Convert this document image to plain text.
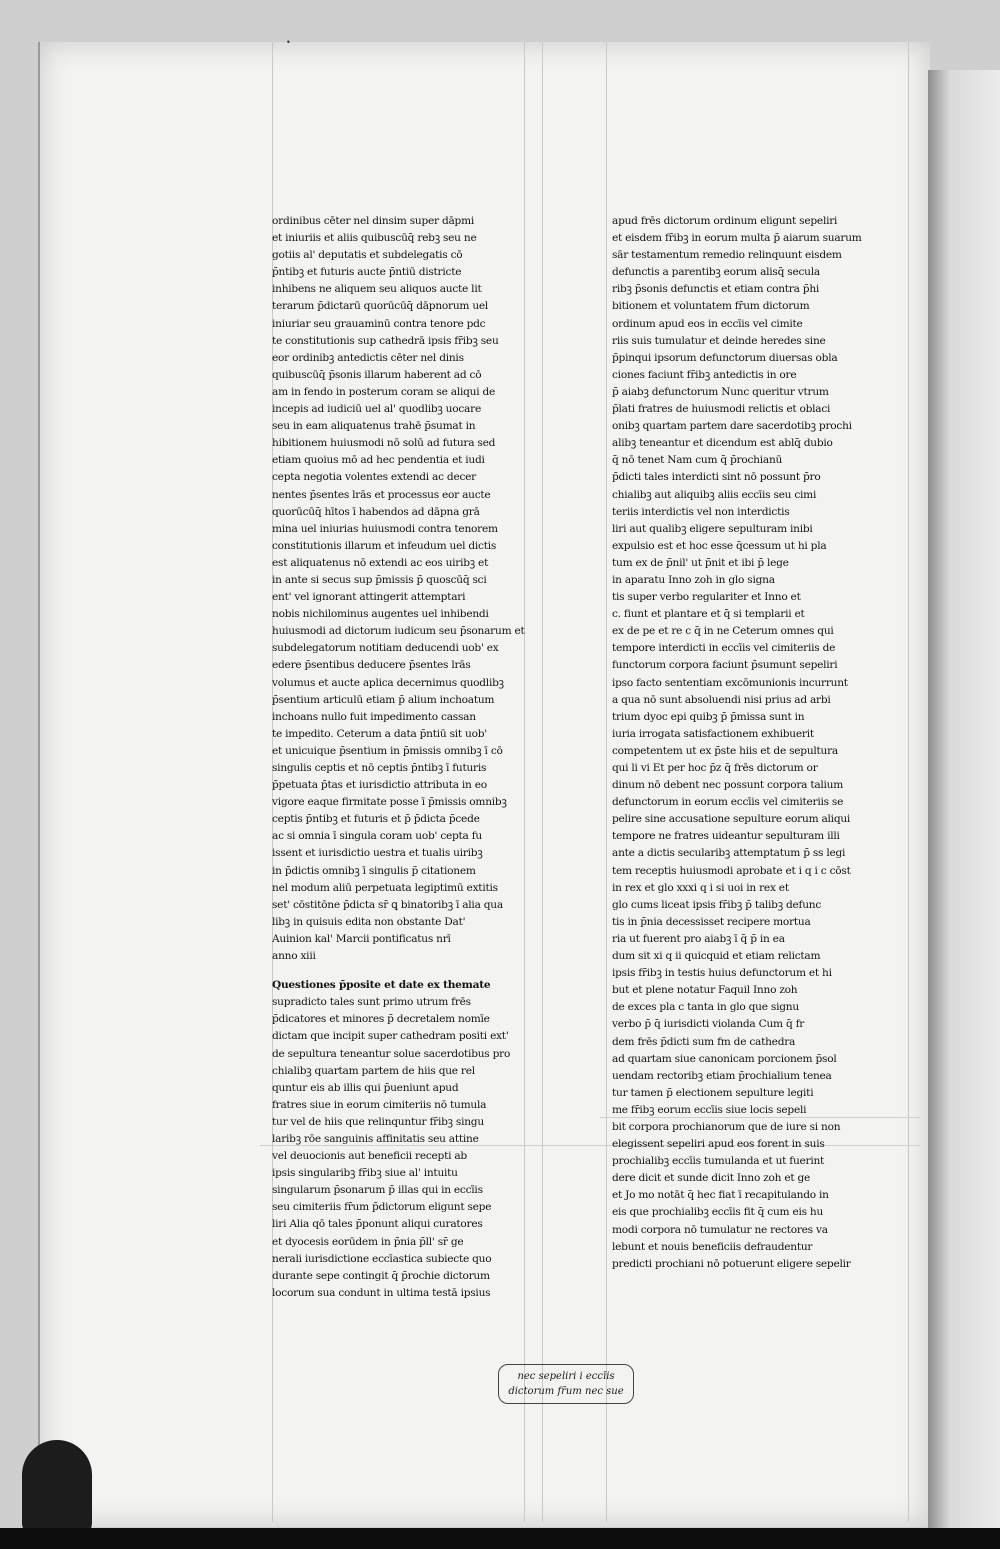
•
ordinibus cēter nel dinsim super dāpmi
et iniuriis et aliis quibuscūq̄ rebꝫ seu ne
gotiis al' deputatis et subdelegatis cō
p̄ntibꝫ et futuris aucte p̄ntiū districte
inhibens ne aliquem seu aliquos aucte lit
terarum p̄dictarū quorūcūq̄ dāpnorum uel
iniuriar seu grauaminū contra tenore pdc
te constitutionis sup cathedrā ipsis fr̄ibꝫ seu
eor ordinibꝫ antedictis cēter nel dinis
quibuscūq̄ p̄sonis illarum haberent ad cō
am in fendo in posterum coram se aliqui de
incepis ad iudiciū uel al' quodlibꝫ uocare
seu in eam aliquatenus trahē p̄sumat in
hibitionem huiusmodi nō solū ad futura sed
etiam quoius mō ad hec pendentia et iudi
cepta negotia volentes extendi ac decer
nentes p̄sentes lrās et processus eor aucte
quorūcūq̄ hītos ī habendos ad dāpna grā
mina uel iniurias huiusmodi contra tenorem
constitutionis illarum et infeudum uel dictis
est aliquatenus nō extendi ac eos uiribꝫ et
in ante si secus sup p̄missis p̄ quoscūq̄ sci
ent' vel ignorant attingerit attemptari
nobis nichilominus augentes uel inhibendi
huiusmodi ad dictorum iudicum seu p̄sonarum et
subdelegatorum notitiam deducendi uob' ex
edere p̄sentibus deducere p̄sentes lrās
volumus et aucte aplica decernimus quodlibꝫ
p̄sentium articulū etiam p̄ alium inchoatum
inchoans nullo fuit impedimento cassan
te impedito. Ceterum a data p̄ntiū sit uob'
et unicuique p̄sentium in p̄missis omnibꝫ ī cō
singulis ceptis et nō ceptis p̄ntibꝫ ī futuris
p̄petuata p̄tas et iurisdictio attributa in eo
vigore eaque firmitate posse ī p̄missis omnibꝫ
ceptis p̄ntibꝫ et futuris et p̄ p̄dicta p̄cede
ac si omnia ī singula coram uob' cepta fu
issent et iurisdictio uestra et tualis uiribꝫ
in p̄dictis omnibꝫ ī singulis p̄ citationem
nel modum aliū perpetuata legiptimū extitis
set' cōstitōne p̄dicta sr̄ ꝗ binatoribꝫ ī alia qua
libꝫ in quisuis edita non obstante Dat'
Auinion kal' Marcii pontificatus nrī
anno xiii
Questiones p̄posite et date ex themate
supradicto tales sunt primo utrum frēs
p̄dicatores et minores p̄ decretalem nomīe
dictam que incipit super cathedram positi ext'
de sepultura teneantur solue sacerdotibus pro
chialibꝫ quartam partem de hiis que rel
quntur eis ab illis qui p̄ueniunt apud
fratres siue in eorum cimiteriis nō tumula
tur vel de hiis que relinquntur fr̄ibꝫ singu
laribꝫ rōe sanguinis affinitatis seu attine
vel deuocionis aut beneficii recepti ab
ipsis singularibꝫ fr̄ibꝫ siue al' intuitu
singularum p̄sonarum p̄ illas qui in eccīis
seu cimiteriis fr̄um p̄dictorum eligunt sepe
liri Alia qō tales p̄ponunt aliqui curatores
et dyocesis eorūdem in p̄nia p̄ll' sr̄ ge
nerali iurisdictione eccīastica subiecte quo
durante sepe contingit q̄ p̄rochie dictorum
locorum sua condunt in ultima testā ipsius
apud frēs dictorum ordinum eligunt sepeliri
et eisdem fr̄ibꝫ in eorum multa p̄ aiarum suarum
sār testamentum remedio relinquunt eisdem
defunctis a parentibꝫ eorum alisq̄ secula
ribꝫ p̄sonis defunctis et etiam contra p̄hi
bitionem et voluntatem fr̄um dictorum
ordinum apud eos in eccīis vel cimite
riis suis tumulatur et deinde heredes sine
p̄pinqui ipsorum defunctorum diuersas obla
ciones faciunt fr̄ibꝫ antedictis in ore
p̄ aiabꝫ defunctorum Nunc queritur vtrum
p̄lati fratres de huiusmodi relictis et oblaci
onibꝫ quartam partem dare sacerdotibꝫ prochi
alibꝫ teneantur et dicendum est ablq̄ dubio
q̄ nō tenet Nam cum q̄ p̄rochianū
p̄dicti tales interdicti sint nō possunt p̄ro
chialibꝫ aut aliquibꝫ aliis eccīis seu cimi
teriis interdictis vel non interdictis
liri aut qualibꝫ eligere sepulturam inibi
expulsio est et hoc esse q̄cessum ut hi pla
tum ex de p̄nil' ut p̄nit et ibi p̄ lege
in aparatu Inno zoh in glo signa
tis super verbo regulariter et Inno et
c. fiunt et plantare et q̄ si templarii et
ex de pe et re c q̄ in ne Ceterum omnes qui
tempore interdicti in eccīis vel cimiteriis de
functorum corpora faciunt p̄sumunt sepeliri
ipso facto sententiam excōmunionis incurrunt
a qua nō sunt absoluendi nisi prius ad arbi
trium dyoc epi quibꝫ p̄ p̄missa sunt in
iuria irrogata satisfactionem exhibuerit
competentem ut ex p̄ste hiis et de sepultura
qui li vi Et per hoc p̄z q̄ frēs dictorum or
dinum nō debent nec possunt corpora talium
defunctorum in eorum eccīis vel cimiteriis se
pelire sine accusatione sepulture eorum aliqui
tempore ne fratres uideantur sepulturam illi
ante a dictis secularibꝫ attemptatum p̄ ss legi
tem receptis huiusmodi aprobate et i q i c cōst
in rex et glo xxxi q i si uoi in rex et
glo cums liceat ipsis fr̄ibꝫ p̄ talibꝫ defunc
tis in p̄nia decessisset recipere mortua
ria ut fuerent pro aiabꝫ ī q̄ p̄ in ea
dum sit xi q ii quicquid et etiam relictam
ipsis fr̄ibꝫ in testis huius defunctorum et hi
but et plene notatur Faquil Inno zoh
de exces pla c tanta in glo que signu
verbo p̄ q̄ iurisdicti violanda Cum q̄ fr
dem frēs p̄dicti sum fm de cathedra
ad quartam siue canonicam porcionem p̄sol
uendam rectoribꝫ etiam p̄rochialium tenea
tur tamen p̄ electionem sepulture legiti
me fr̄ibꝫ eorum eccīis siue locis sepeli
bit corpora prochianorum que de iure si non
elegissent sepeliri apud eos forent in suis
prochialibꝫ eccīis tumulanda et ut fuerint
dere dicit et sunde dicit Inno zoh et ge
et Jo mo notāt q̄ hec fiat ī recapitulando in
eis que prochialibꝫ eccīis fit q̄ cum eis hu
modi corpora nō tumulatur ne rectores va
lebunt et nouis beneficiis defraudentur
predicti prochiani nō potuerunt eligere sepelir
nec sepeliri i eccīis
dictorum fr̄um nec sue
